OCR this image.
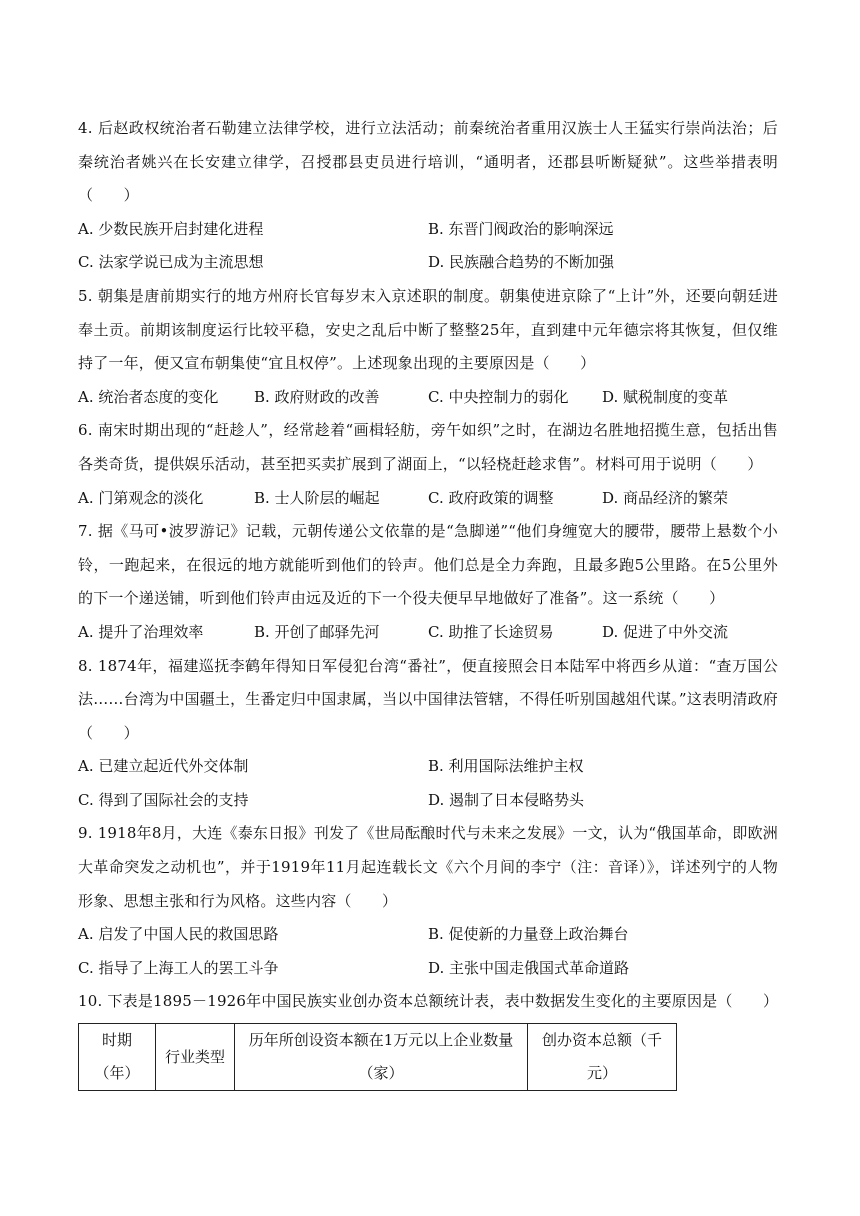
4. 后赵政权统治者石勒建立法律学校，进行立法活动；前秦统治者重用汉族士人王猛实行崇尚法治；后秦统治者姚兴在长安建立律学，召授郡县吏员进行培训，“通明者，还郡县听断疑狱”。这些举措表明（　　）

A. 少数民族开启封建化进程	B. 东晋门阀政治的影响深远
C. 法家学说已成为主流思想	D. 民族融合趋势的不断加强

5. 朝集是唐前期实行的地方州府长官每岁末入京述职的制度。朝集使进京除了“上计”外，还要向朝廷进奉土贡。前期该制度运行比较平稳，安史之乱后中断了整整25年，直到建中元年德宗将其恢复，但仅维持了一年，便又宣布朝集使“宜且权停”。上述现象出现的主要原因是（　　）

A. 统治者态度的变化	B. 政府财政的改善	C. 中央控制力的弱化	D. 赋税制度的变革

6. 南宋时期出现的“赶趁人”，经常趁着“画楫轻舫，旁午如织”之时，在湖边名胜地招揽生意，包括出售各类奇货，提供娱乐活动，甚至把买卖扩展到了湖面上，“以轻桡赶趁求售”。材料可用于说明（　　）

A. 门第观念的淡化	B. 士人阶层的崛起	C. 政府政策的调整	D. 商品经济的繁荣

7. 据《马可•波罗游记》记载，元朝传递公文依靠的是“急脚递”“他们身缠宽大的腰带，腰带上悬数个小铃，一跑起来，在很远的地方就能听到他们的铃声。他们总是全力奔跑，且最多跑5公里路。在5公里外的下一个递送铺，听到他们铃声由远及近的下一个役夫便早早地做好了准备”。这一系统（　　）

A. 提升了治理效率	B. 开创了邮驿先河	C. 助推了长途贸易	D. 促进了中外交流

8. 1874年，福建巡抚李鹤年得知日军侵犯台湾“番社”，便直接照会日本陆军中将西乡从道：“查万国公法……台湾为中国疆土，生番定归中国隶属，当以中国律法管辖，不得任听别国越俎代谋。”这表明清政府（　　）

A. 已建立起近代外交体制	B. 利用国际法维护主权
C. 得到了国际社会的支持	D. 遏制了日本侵略势头

9. 1918年8月，大连《泰东日报》刊发了《世局酝酿时代与未来之发展》一文，认为“俄国革命，即欧洲大革命突发之动机也”，并于1919年11月起连载长文《六个月间的李宁（注：音译）》，详述列宁的人物形象、思想主张和行为风格。这些内容（　　）

A. 启发了中国人民的救国思路	B. 促使新的力量登上政治舞台
C. 指导了上海工人的罢工斗争	D. 主张中国走俄国式革命道路

10. 下表是1895－1926年中国民族实业创办资本总额统计表，表中数据发生变化的主要原因是（　　）

时期（年）	行业类型	历年所创设资本额在1万元以上企业数量（家）	创办资本总额（千元）
